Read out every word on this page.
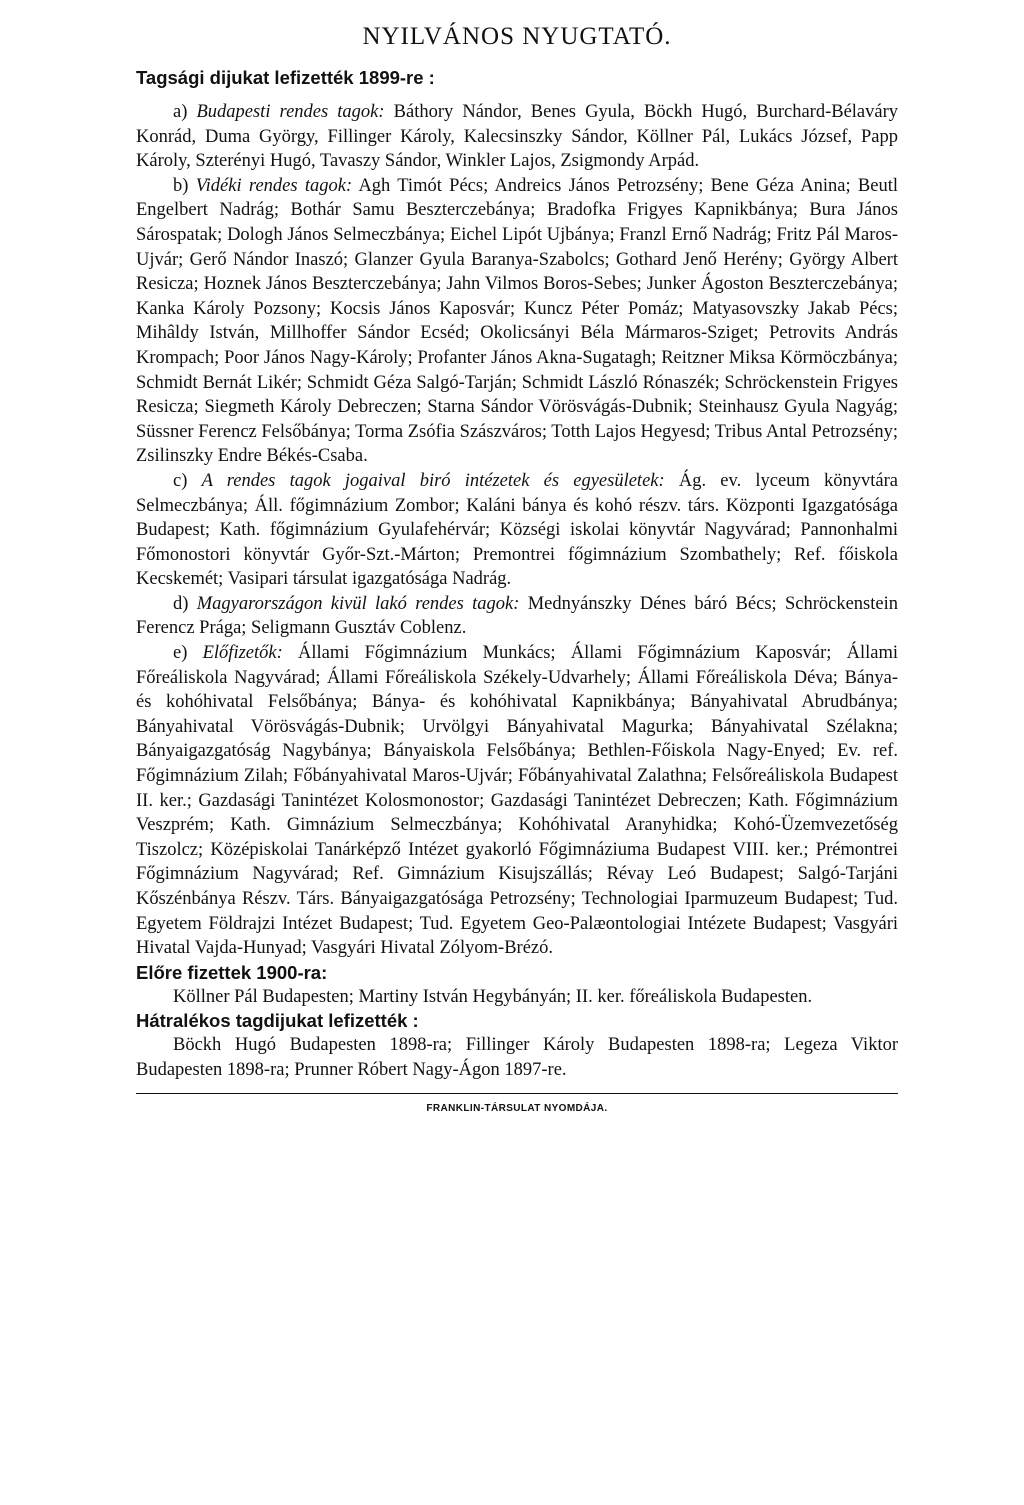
NYILVÁNOS NYUGTATÓ.
Tagsági dijukat lefizették 1899-re :

a) Budapesti rendes tagok: Báthory Nándor, Benes Gyula, Böckh Hugó, Burchard-Bélaváry Konrád, Duma György, Fillinger Károly, Kalecsinszky Sándor, Köllner Pál, Lukács József, Papp Károly, Szterényi Hugó, Tavaszy Sándor, Winkler Lajos, Zsigmondy Arpád.

b) Vidéki rendes tagok: Agh Timót Pécs; Andreics János Petrozsény; Bene Géza Anina; Beutl Engelbert Nadrág; Bothár Samu Beszterczebánya; Bradofka Frigyes Kapnikbánya; Bura János Sárospatak; Dologh János Selmeczbánya; Eichel Lipót Ujbánya; Franzl Ernő Nadrág; Fritz Pál Maros-Ujvár; Gerő Nándor Inaszó; Glanzer Gyula Baranya-Szabolcs; Gothard Jenő Herény; György Albert Resicza; Hoznek János Beszterczebánya; Jahn Vilmos Boros-Sebes; Junker Ágoston Beszterczebánya; Kanka Károly Pozsony; Kocsis János Kaposvár; Kuncz Péter Pomáz; Matyasovszky Jakab Pécs; Mihâldy István, Millhoffer Sándor Ecséd; Okolicsányi Béla Mármaros-Sziget; Petrovits András Krompach; Poor János Nagy-Károly; Profanter János Akna-Sugatagh; Reitzner Miksa Körmöczbánya; Schmidt Bernát Likér; Schmidt Géza Salgó-Tarján; Schmidt László Rónaszék; Schröckenstein Frigyes Resicza; Siegmeth Károly Debreczen; Starna Sándor Vörösvágás-Dubnik; Steinhausz Gyula Nagyág; Süssner Ferencz Felsőbánya; Torma Zsófia Szászváros; Totth Lajos Hegyesd; Tribus Antal Petrozsény; Zsilinszky Endre Békés-Csaba.

c) A rendes tagok jogaival biró intézetek és egyesületek: Ág. ev. lyceum könyvtára Selmeczbánya; Áll. főgimnázium Zombor; Kaláni bánya és kohó részv. társ. Központi Igazgatósága Budapest; Kath. főgimnázium Gyulafehérvár; Községi iskolai könyvtár Nagyvárad; Pannonhalmi Főmonostori könyvtár Győr-Szt.-Márton; Premontrei főgimnázium Szombathely; Ref. főiskola Kecskemét; Vasipari társulat igazgatósága Nadrág.

d) Magyarországon kivül lakó rendes tagok: Mednyánszky Dénes báró Bécs; Schröckenstein Ferencz Prága; Seligmann Gusztáv Coblenz.

e) Előfizetők: Állami Főgimnázium Munkács; Állami Főgimnázium Kaposvár; Állami Főreáliskola Nagyvárad; Állami Főreáliskola Székely-Udvarhely; Állami Főreáliskola Déva; Bánya- és kohóhivatal Felsőbánya; Bánya- és kohóhivatal Kapnikbánya; Bányahivatal Abrudbánya; Bányahivatal Vörösvágás-Dubnik; Urvölgyi Bányahivatal Magurka; Bányahivatal Szélakna; Bányaigazgatóság Nagybánya; Bányaiskola Felsőbánya; Bethlen-Főiskola Nagy-Enyed; Ev. ref. Főgimnázium Zilah; Főbányahivatal Maros-Ujvár; Főbányahivatal Zalathna; Felsőreáliskola Budapest II. ker.; Gazdasági Tanintézet Kolosmonostor; Gazdasági Tanintézet Debreczen; Kath. Főgimnázium Veszprém; Kath. Gimnázium Selmeczbánya; Kohóhivatal Aranyhidka; Kohó-Üzemvezetőség Tiszolcz; Középiskolai Tanárképző Intézet gyakorló Főgimnáziuma Budapest VIII. ker.; Prémontrei Főgimnázium Nagyvárad; Ref. Gimnázium Kisujszállás; Révay Leó Budapest; Salgó-Tarjáni Kőszénbánya Részv. Társ. Bányaigazgatósága Petrozsény; Technologiai Iparmuzeum Budapest; Tud. Egyetem Földrajzi Intézet Budapest; Tud. Egyetem Geo-Palæontologiai Intézete Budapest; Vasgyári Hivatal Vajda-Hunyad; Vasgyári Hivatal Zólyom-Brézó.

Előre fizettek 1900-ra:

Köllner Pál Budapesten; Martiny István Hegybányán; II. ker. főreáliskola Budapesten.

Hátralékos tagdijukat lefizették :

Böckh Hugó Budapesten 1898-ra; Fillinger Károly Budapesten 1898-ra; Legeza Viktor Budapesten 1898-ra; Prunner Róbert Nagy-Ágon 1897-re.

FRANKLIN-TÁRSULAT NYOMDÁJA.
